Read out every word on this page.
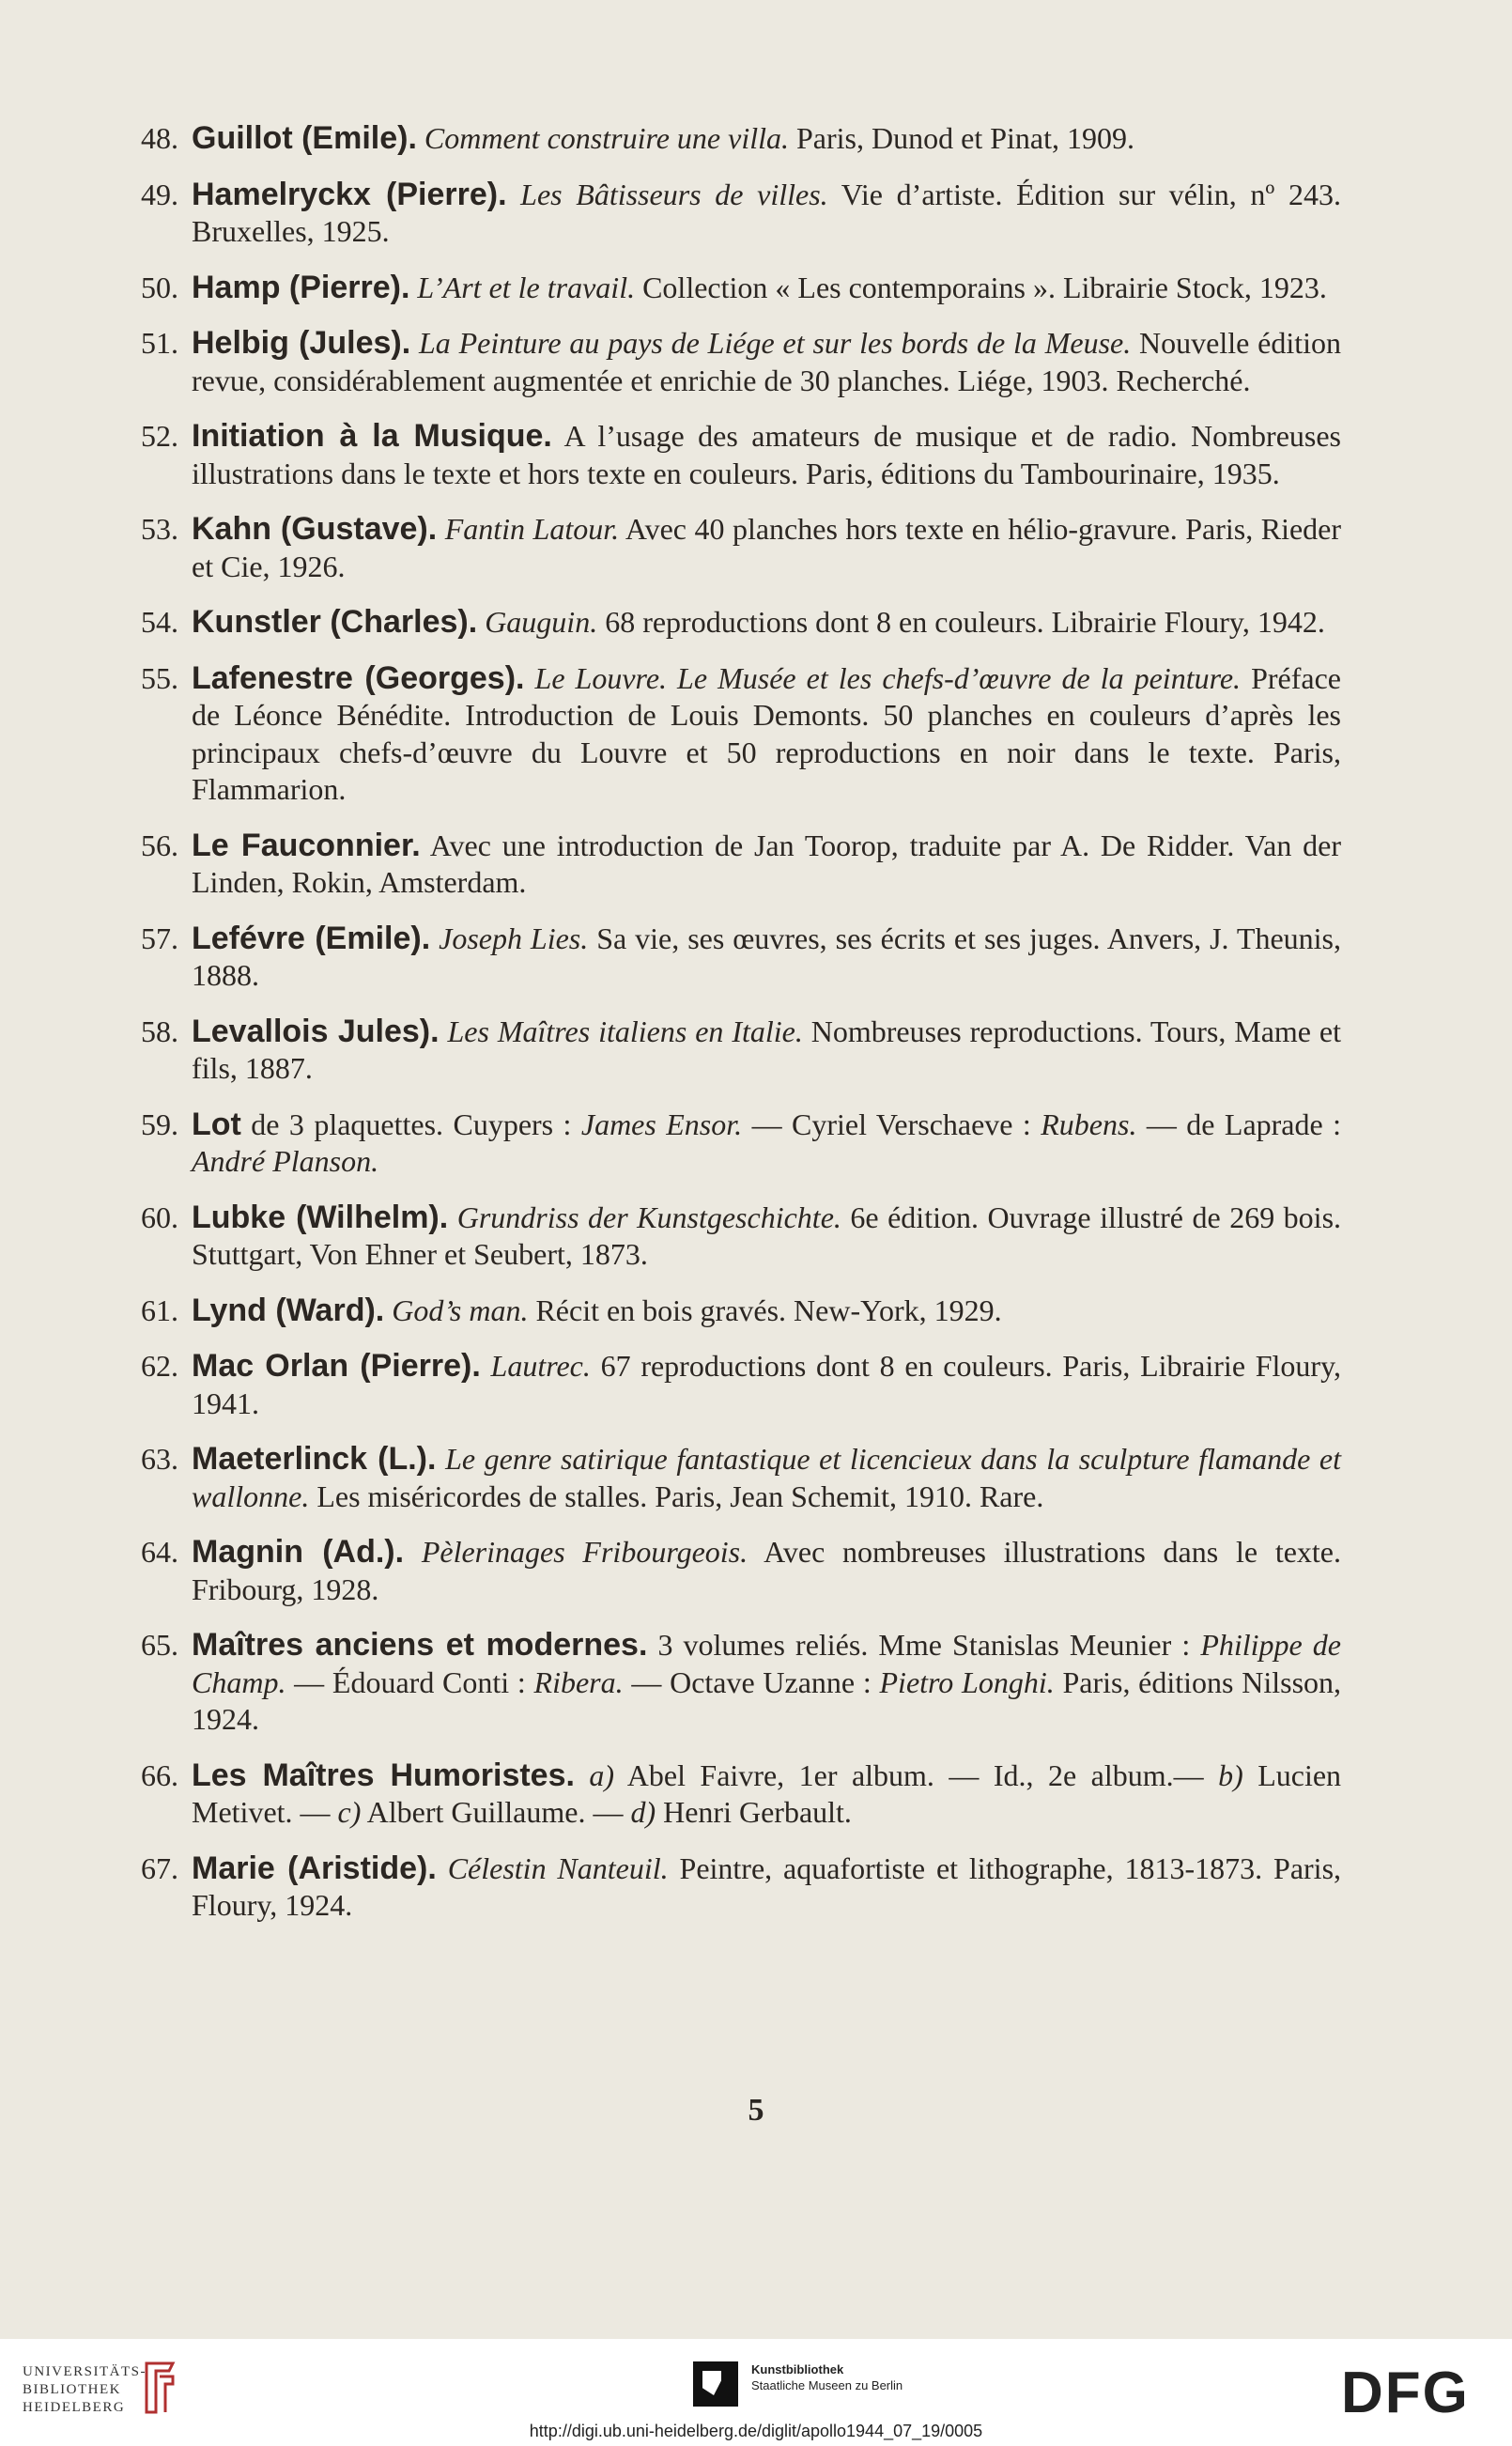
48. Guillot (Emile). Comment construire une villa. Paris, Dunod et Pinat, 1909.
49. Hamelryckx (Pierre). Les Bâtisseurs de villes. Vie d’artiste. Édition sur vélin, nº 243. Bruxelles, 1925.
50. Hamp (Pierre). L’Art et le travail. Collection « Les contemporains ». Librairie Stock, 1923.
51. Helbig (Jules). La Peinture au pays de Liége et sur les bords de la Meuse. Nouvelle édition revue, considérablement augmentée et enrichie de 30 planches. Liége, 1903. Recherché.
52. Initiation à la Musique. A l’usage des amateurs de musique et de radio. Nombreuses illustrations dans le texte et hors texte en couleurs. Paris, éditions du Tambourinaire, 1935.
53. Kahn (Gustave). Fantin Latour. Avec 40 planches hors texte en hélio-gravure. Paris, Rieder et Cie, 1926.
54. Kunstler (Charles). Gauguin. 68 reproductions dont 8 en couleurs. Librairie Floury, 1942.
55. Lafenestre (Georges). Le Louvre. Le Musée et les chefs-d’œuvre de la peinture. Préface de Léonce Bénédite. Introduction de Louis Demonts. 50 planches en couleurs d’après les principaux chefs-d’œuvre du Louvre et 50 reproductions en noir dans le texte. Paris, Flammarion.
56. Le Fauconnier. Avec une introduction de Jan Toorop, traduite par A. De Ridder. Van der Linden, Rokin, Amsterdam.
57. Lefévre (Emile). Joseph Lies. Sa vie, ses œuvres, ses écrits et ses juges. Anvers, J. Theunis, 1888.
58. Levallois Jules). Les Maîtres italiens en Italie. Nombreuses reproductions. Tours, Mame et fils, 1887.
59. Lot de 3 plaquettes. Cuypers : James Ensor. — Cyriel Verschaeve : Rubens. — de Laprade : André Planson.
60. Lubke (Wilhelm). Grundriss der Kunstgeschichte. 6e édition. Ouvrage illustré de 269 bois. Stuttgart, Von Ehner et Seubert, 1873.
61. Lynd (Ward). God’s man. Récit en bois gravés. New-York, 1929.
62. Mac Orlan (Pierre). Lautrec. 67 reproductions dont 8 en couleurs. Paris, Librairie Floury, 1941.
63. Maeterlinck (L.). Le genre satirique fantastique et licencieux dans la sculpture flamande et wallonne. Les miséricordes de stalles. Paris, Jean Schemit, 1910. Rare.
64. Magnin (Ad.). Pèlerinages Fribourgeois. Avec nombreuses illustrations dans le texte. Fribourg, 1928.
65. Maîtres anciens et modernes. 3 volumes reliés. Mme Stanislas Meunier : Philippe de Champ. — Édouard Conti : Ribera. — Octave Uzanne : Pietro Longhi. Paris, éditions Nilsson, 1924.
66. Les Maîtres Humoristes. a) Abel Faivre, 1er album. — Id., 2e album.— b) Lucien Metivet. — c) Albert Guillaume. — d) Henri Gerbault.
67. Marie (Aristide). Célestin Nanteuil. Peintre, aquafortiste et lithographe, 1813-1873. Paris, Floury, 1924.
5
UNIVERSITÄTS-
BIBLIOTHEK
HEIDELBERG
Kunstbibliothek
Staatliche Museen zu Berlin	DFG
http://digi.ub.uni-heidelberg.de/diglit/apollo1944_07_19/0005
